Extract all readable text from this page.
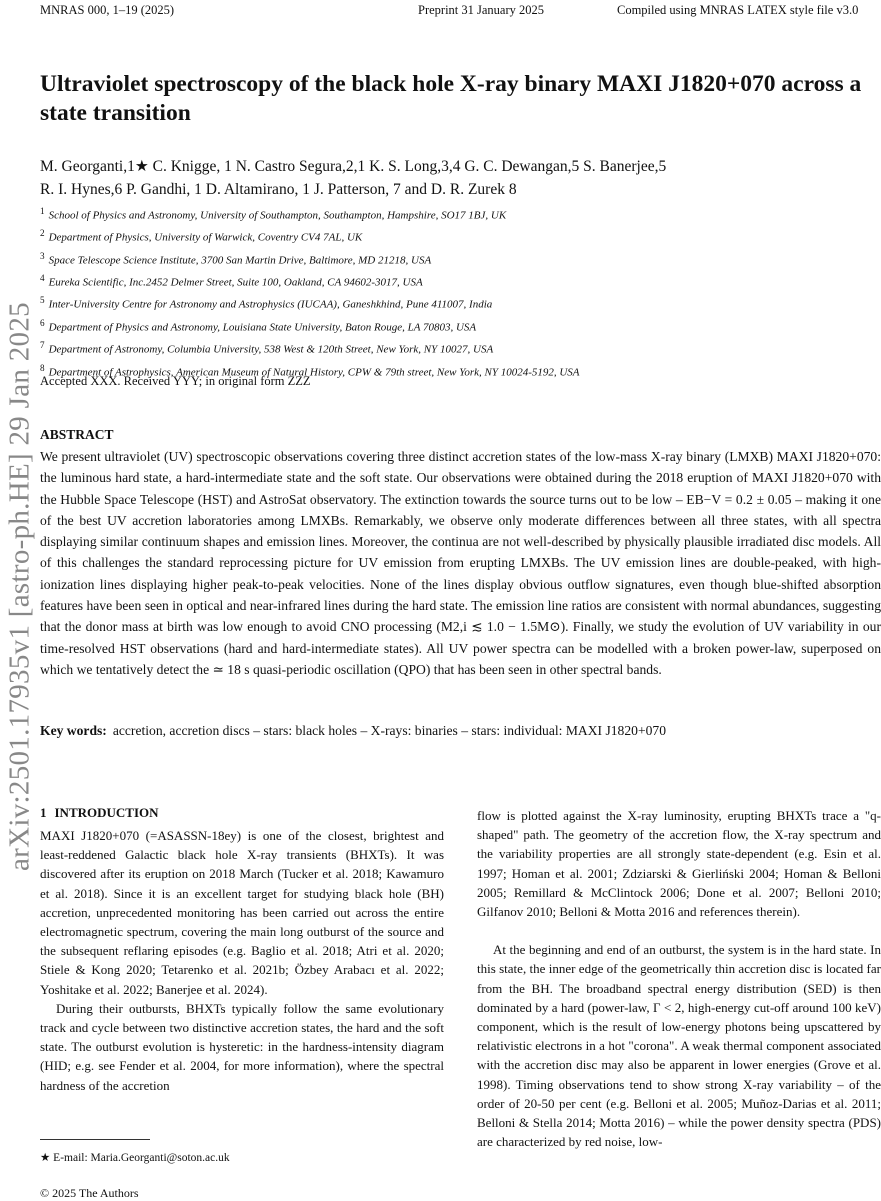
MNRAS 000, 1–19 (2025)	Preprint 31 January 2025	Compiled using MNRAS LATEX style file v3.0
arXiv:2501.17935v1 [astro-ph.HE] 29 Jan 2025
Ultraviolet spectroscopy of the black hole X-ray binary MAXI J1820+070 across a state transition
M. Georganti,1★ C. Knigge, 1 N. Castro Segura,2,1 K. S. Long,3,4 G. C. Dewangan,5 S. Banerjee,5
R. I. Hynes,6 P. Gandhi, 1 D. Altamirano, 1 J. Patterson, 7 and D. R. Zurek 8
$^1$ School of Physics and Astronomy, University of Southampton, Southampton, Hampshire, SO17 1BJ, UK
$^2$ Department of Physics, University of Warwick, Coventry CV4 7AL, UK
$^3$ Space Telescope Science Institute, 3700 San Martin Drive, Baltimore, MD 21218, USA
$^4$ Eureka Scientific, Inc.2452 Delmer Street, Suite 100, Oakland, CA 94602-3017, USA
$^5$ Inter-University Centre for Astronomy and Astrophysics (IUCAA), Ganeshkhind, Pune 411007, India
$^6$ Department of Physics and Astronomy, Louisiana State University, Baton Rouge, LA 70803, USA
$^7$ Department of Astronomy, Columbia University, 538 West & 120th Street, New York, NY 10027, USA
$^8$ Department of Astrophysics, American Museum of Natural History, CPW & 79th street, New York, NY 10024-5192, USA
Accepted XXX. Received YYY; in original form ZZZ
ABSTRACT
We present ultraviolet (UV) spectroscopic observations covering three distinct accretion states of the low-mass X-ray binary (LMXB) MAXI J1820+070: the luminous hard state, a hard-intermediate state and the soft state. Our observations were obtained during the 2018 eruption of MAXI J1820+070 with the Hubble Space Telescope (HST) and AstroSat observatory. The extinction towards the source turns out to be low – EB−V = 0.2 ± 0.05 – making it one of the best UV accretion laboratories among LMXBs. Remarkably, we observe only moderate differences between all three states, with all spectra displaying similar continuum shapes and emission lines. Moreover, the continua are not well-described by physically plausible irradiated disc models. All of this challenges the standard reprocessing picture for UV emission from erupting LMXBs. The UV emission lines are double-peaked, with high-ionization lines displaying higher peak-to-peak velocities. None of the lines display obvious outflow signatures, even though blue-shifted absorption features have been seen in optical and near-infrared lines during the hard state. The emission line ratios are consistent with normal abundances, suggesting that the donor mass at birth was low enough to avoid CNO processing (M2,i ≲ 1.0 − 1.5M⊙). Finally, we study the evolution of UV variability in our time-resolved HST observations (hard and hard-intermediate states). All UV power spectra can be modelled with a broken power-law, superposed on which we tentatively detect the ≃ 18 s quasi-periodic oscillation (QPO) that has been seen in other spectral bands.
Key words: accretion, accretion discs – stars: black holes – X-rays: binaries – stars: individual: MAXI J1820+070
1 INTRODUCTION

MAXI J1820+070 (=ASASSN-18ey) is one of the closest, brightest and least-reddened Galactic black hole X-ray transients (BHXTs). It was discovered after its eruption on 2018 March (Tucker et al. 2018; Kawamuro et al. 2018). Since it is an excellent target for studying black hole (BH) accretion, unprecedented monitoring has been carried out across the entire electromagnetic spectrum, covering the main long outburst of the source and the subsequent reflaring episodes (e.g. Baglio et al. 2018; Atri et al. 2020; Stiele & Kong 2020; Tetarenko et al. 2021b; Özbey Arabacı et al. 2022; Yoshitake et al. 2022; Banerjee et al. 2024).

During their outbursts, BHXTs typically follow the same evolutionary track and cycle between two distinctive accretion states, the hard and the soft state. The outburst evolution is hysteretic: in the hardness-intensity diagram (HID; e.g. see Fender et al. 2004, for more information), where the spectral hardness of the accretion

flow is plotted against the X-ray luminosity, erupting BHXTs trace a "q-shaped" path. The geometry of the accretion flow, the X-ray spectrum and the variability properties are all strongly state-dependent (e.g. Esin et al. 1997; Homan et al. 2001; Zdziarski & Gierliński 2004; Homan & Belloni 2005; Remillard & McClintock 2006; Done et al. 2007; Belloni 2010; Gilfanov 2010; Belloni & Motta 2016 and references therein).

At the beginning and end of an outburst, the system is in the hard state. In this state, the inner edge of the geometrically thin accretion disc is located far from the BH. The broadband spectral energy distribution (SED) is then dominated by a hard (power-law, Γ < 2, high-energy cut-off around 100 keV) component, which is the result of low-energy photons being upscattered by relativistic electrons in a hot "corona". A weak thermal component associated with the accretion disc may also be apparent in lower energies (Grove et al. 1998). Timing observations tend to show strong X-ray variability – of the order of 20-50 per cent (e.g. Belloni et al. 2005; Muñoz-Darias et al. 2011; Belloni & Stella 2014; Motta 2016) – while the power density spectra (PDS) are characterized by red noise, low-

★ E-mail: Maria.Georganti@soton.ac.uk
© 2025 The Authors
